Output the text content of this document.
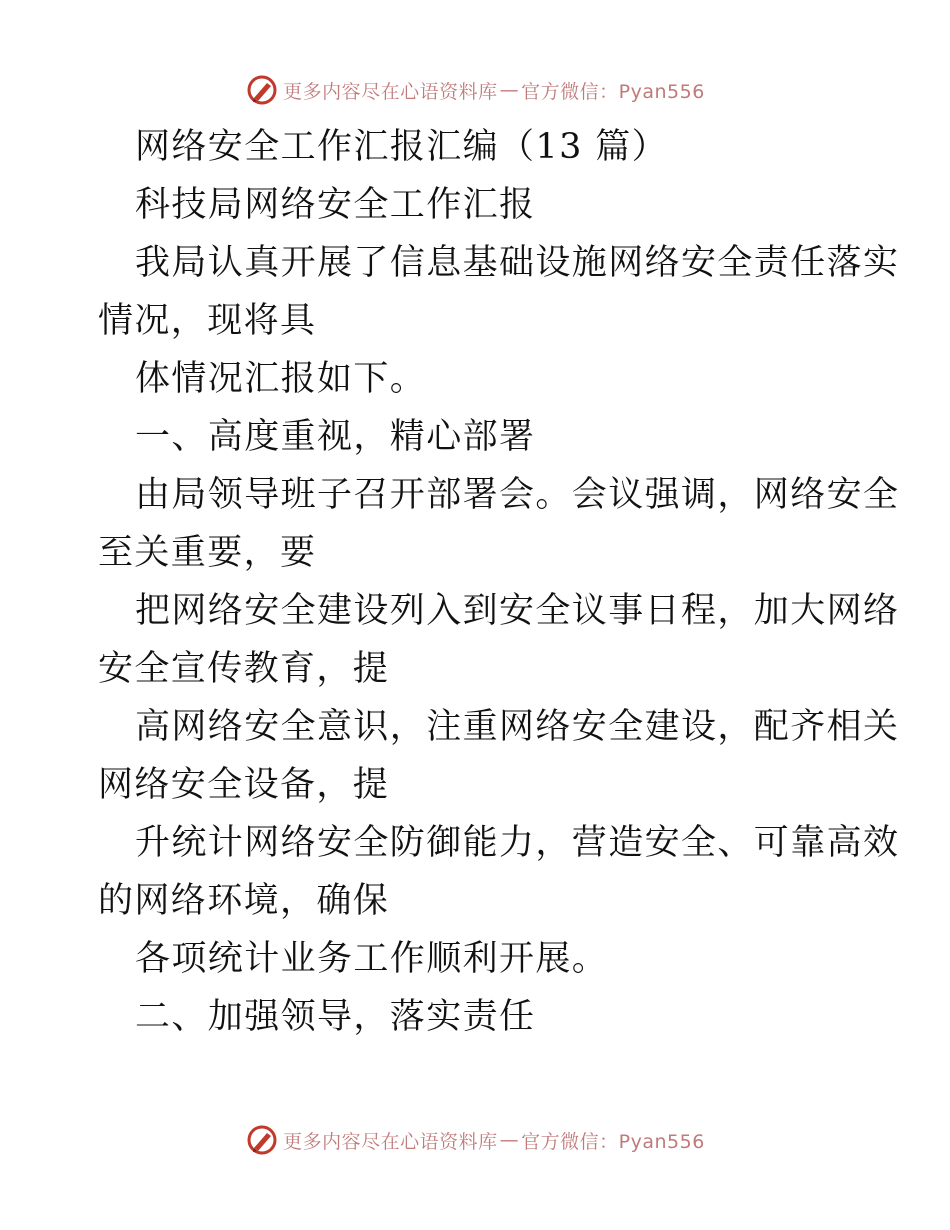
更多内容尽在心语资料库 — 官方微信：Pyan556

网络安全工作汇报汇编（13 篇）

科技局网络安全工作汇报

我局认真开展了信息基础设施网络安全责任落实

情况，现将具

体情况汇报如下。

一、高度重视，精心部署

由局领导班子召开部署会。会议强调，网络安全

至关重要，要

把网络安全建设列入到安全议事日程，加大网络

安全宣传教育，提

高网络安全意识，注重网络安全建设，配齐相关

网络安全设备，提

升统计网络安全防御能力，营造安全、可靠高效

的网络环境，确保

各项统计业务工作顺利开展。

二、加强领导，落实责任

更多内容尽在心语资料库 — 官方微信：Pyan556
